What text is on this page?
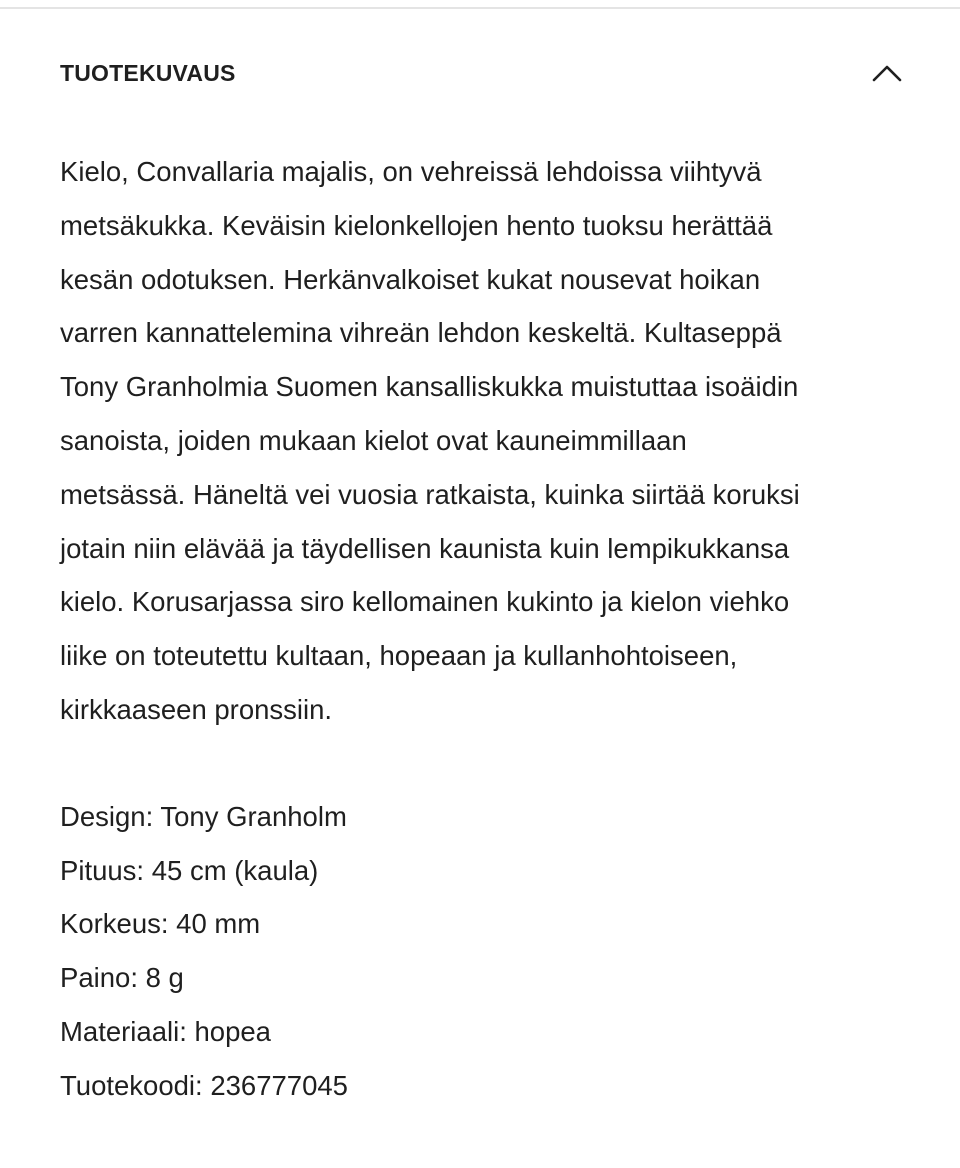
TUOTEKUVAUS

Kielo, Convallaria majalis, on vehreissä lehdoissa viihtyvä
metsäkukka. Keväisin kielonkellojen hento tuoksu herättää
kesän odotuksen. Herkänvalkoiset kukat nousevat hoikan
varren kannattelemina vihreän lehdon keskeltä. Kultaseppä
Tony Granholmia Suomen kansalliskukka muistuttaa isoäidin
sanoista, joiden mukaan kielot ovat kauneimmillaan
metsässä. Häneltä vei vuosia ratkaista, kuinka siirtää koruksi
jotain niin elävää ja täydellisen kaunista kuin lempikukkansa
kielo. Korusarjassa siro kellomainen kukinto ja kielon viehko
liike on toteutettu kultaan, hopeaan ja kullanhohtoiseen,
kirkkaaseen pronssiin.

Design: Tony Granholm
Pituus: 45 cm (kaula)
Korkeus: 40 mm
Paino: 8 g
Materiaali: hopea
Tuotekoodi: 236777045
